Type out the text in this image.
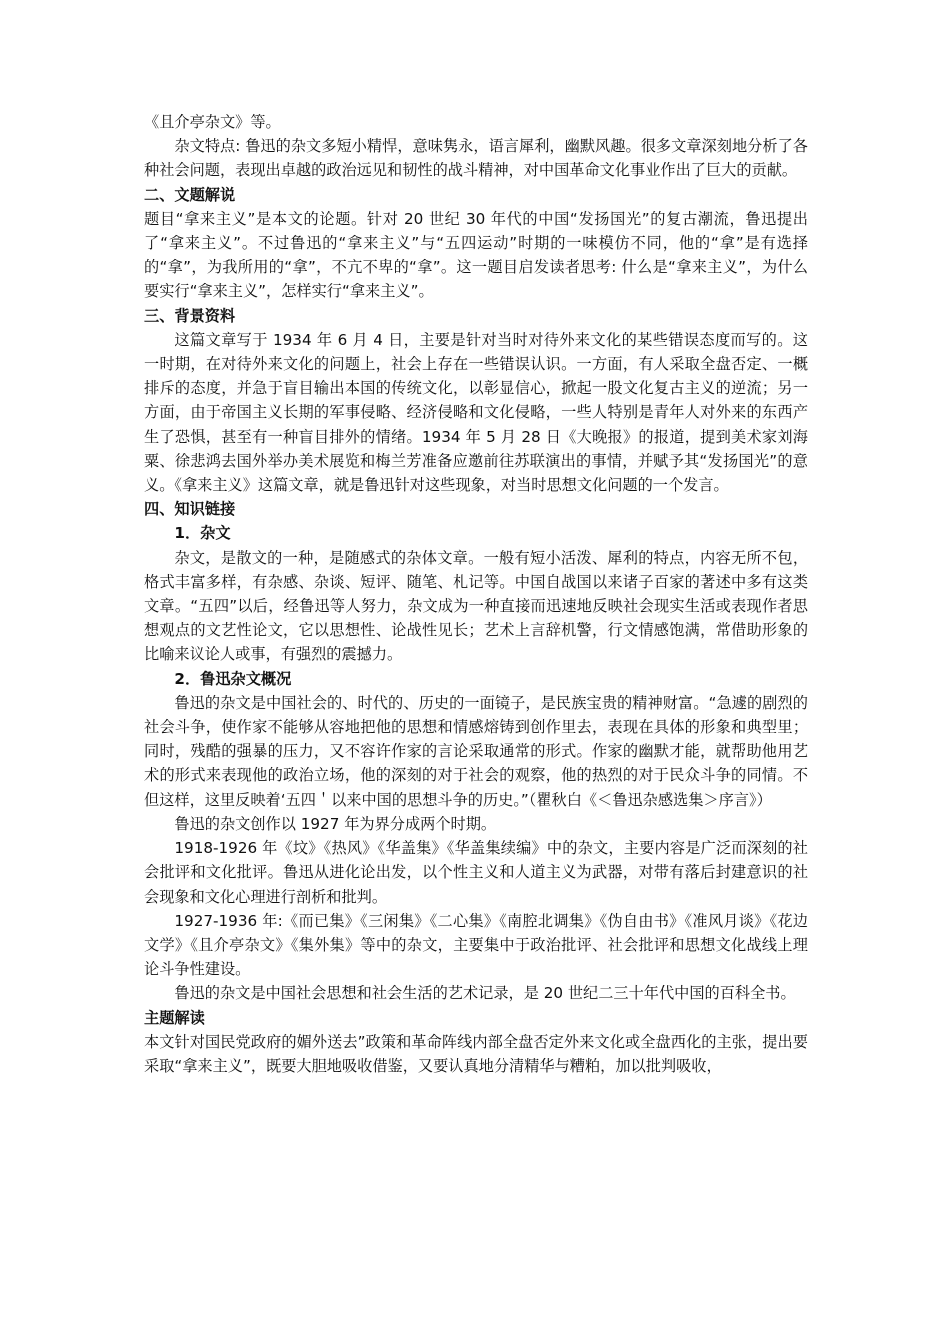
《且介亭杂文》等。

杂文特点: 鲁迅的杂文多短小精悍，意味隽永，语言犀利，幽默风趣。很多文章深刻地分析了各种社会问题，表现出卓越的政治远见和韧性的战斗精神，对中国革命文化事业作出了巨大的贡献。

二、文题解说

题目“拿来主义”是本文的论题。针对 20 世纪 30 年代的中国“发扬国光”的复古潮流，鲁迅提出了“拿来主义”。不过鲁迅的“拿来主义”与“五四运动”时期的一味模仿不同，他的“拿”是有选择的“拿”，为我所用的“拿”，不亢不卑的“拿”。这一题目启发读者思考: 什么是“拿来主义”，为什么要实行“拿来主义”，怎样实行“拿来主义”。

三、背景资料

这篇文章写于 1934 年 6 月 4 日，主要是针对当时对待外来文化的某些错误态度而写的。这一时期，在对待外来文化的问题上，社会上存在一些错误认识。一方面，有人采取全盘否定、一概排斥的态度，并急于盲目输出本国的传统文化，以彰显信心，掀起一股文化复古主义的逆流；另一方面，由于帝国主义长期的军事侵略、经济侵略和文化侵略，一些人特别是青年人对外来的东西产生了恐惧，甚至有一种盲目排外的情绪。1934 年 5 月 28 日《大晚报》的报道，提到美术家刘海粟、徐悲鸿去国外举办美术展览和梅兰芳准备应邀前往苏联演出的事情，并赋予其“发扬国光”的意义。《拿来主义》这篇文章，就是鲁迅针对这些现象，对当时思想文化问题的一个发言。

四、知识链接

1．杂文

杂文，是散文的一种，是随感式的杂体文章。一般有短小活泼、犀利的特点，内容无所不包，格式丰富多样，有杂感、杂谈、短评、随笔、札记等。中国自战国以来诸子百家的著述中多有这类文章。“五四”以后，经鲁迅等人努力，杂文成为一种直接而迅速地反映社会现实生活或表现作者思想观点的文艺性论文，它以思想性、论战性见长；艺术上言辞机警，行文情感饱满，常借助形象的比喻来议论人或事，有强烈的震撼力。

2．鲁迅杂文概况

鲁迅的杂文是中国社会的、时代的、历史的一面镜子，是民族宝贵的精神财富。“急遽的剧烈的社会斗争，使作家不能够从容地把他的思想和情感熔铸到创作里去，表现在具体的形象和典型里；同时，残酷的强暴的压力，又不容许作家的言论采取通常的形式。作家的幽默才能，就帮助他用艺术的形式来表现他的政治立场，他的深刻的对于社会的观察，他的热烈的对于民众斗争的同情。不但这样，这里反映着‘五四＇以来中国的思想斗争的历史。”（瞿秋白《＜鲁迅杂感选集＞序言》）

鲁迅的杂文创作以 1927 年为界分成两个时期。

1918-1926 年《坟》《热风》《华盖集》《华盖集续编》中的杂文，主要内容是广泛而深刻的社会批评和文化批评。鲁迅从进化论出发，以个性主义和人道主义为武器，对带有落后封建意识的社会现象和文化心理进行剖析和批判。

1927-1936 年:《而已集》《三闲集》《二心集》《南腔北调集》《伪自由书》《准风月谈》《花边文学》《且介亭杂文》《集外集》等中的杂文，主要集中于政治批评、社会批评和思想文化战线上理论斗争性建设。

鲁迅的杂文是中国社会思想和社会生活的艺术记录，是 20 世纪二三十年代中国的百科全书。

主题解读

本文针对国民党政府的媚外送去”政策和革命阵线内部全盘否定外来文化或全盘西化的主张，提出要采取“拿来主义”，既要大胆地吸收借鉴，又要认真地分清精华与糟粕，加以批判吸收，
